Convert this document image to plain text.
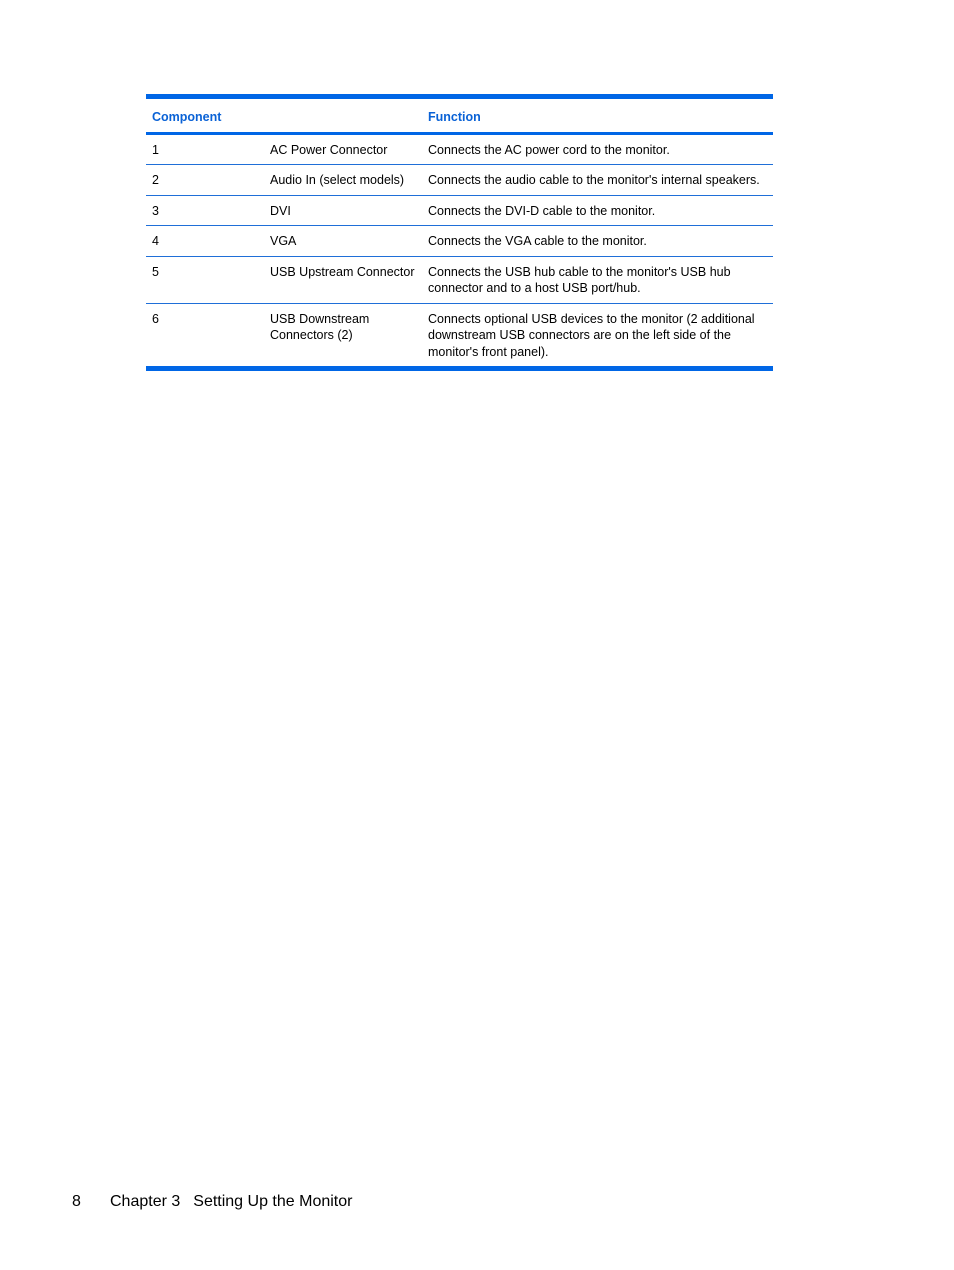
Component		Function
1	AC Power Connector	Connects the AC power cord to the monitor.
2	Audio In (select models)	Connects the audio cable to the monitor's internal speakers.
3	DVI	Connects the DVI-D cable to the monitor.
4	VGA	Connects the VGA cable to the monitor.
5	USB Upstream Connector	Connects the USB hub cable to the monitor's USB hub connector and to a host USB port/hub.
6	USB Downstream Connectors (2)	Connects optional USB devices to the monitor (2 additional downstream USB connectors are on the left side of the monitor's front panel).
8 Chapter 3 Setting Up the Monitor
